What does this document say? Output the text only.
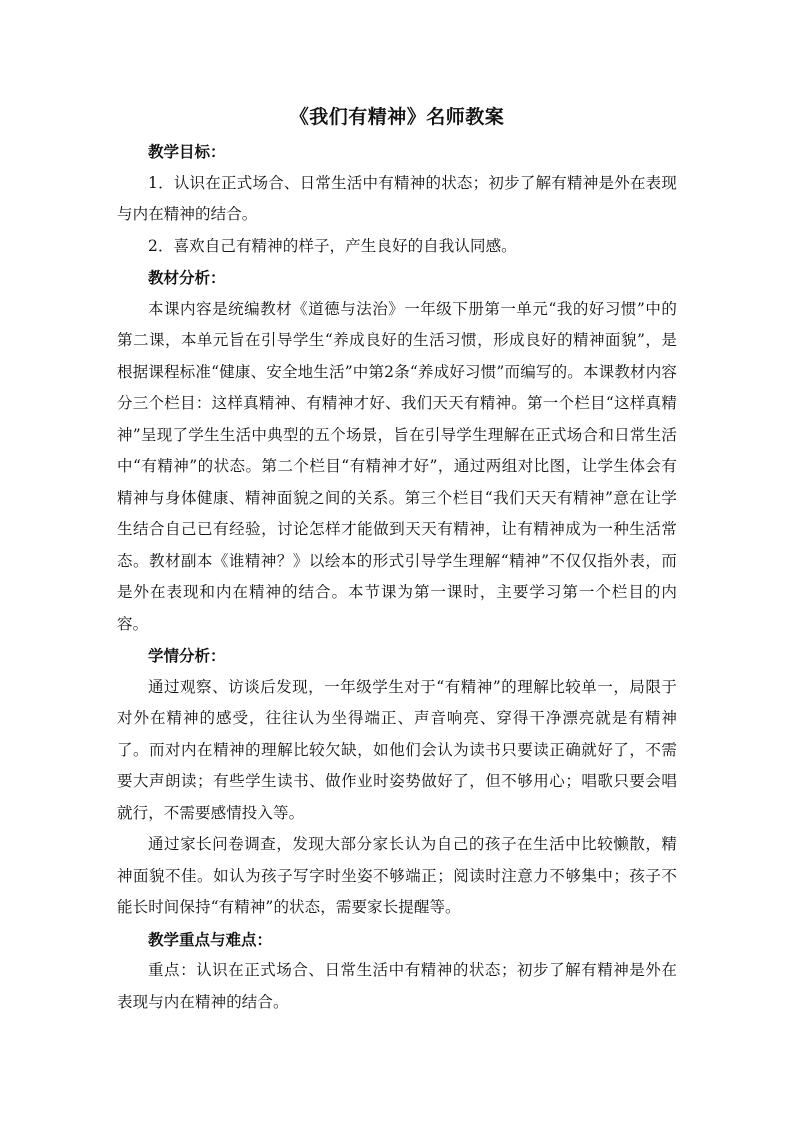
《我们有精神》名师教案

教学目标：

1．认识在正式场合、日常生活中有精神的状态；初步了解有精神是外在表现与内在精神的结合。

2．喜欢自己有精神的样子，产生良好的自我认同感。

教材分析：

本课内容是统编教材《道德与法治》一年级下册第一单元“我的好习惯”中的第二课，本单元旨在引导学生“养成良好的生活习惯，形成良好的精神面貌”，是根据课程标准“健康、安全地生活”中第2条“养成好习惯”而编写的。本课教材内容分三个栏目：这样真精神、有精神才好、我们天天有精神。第一个栏目“这样真精神”呈现了学生生活中典型的五个场景，旨在引导学生理解在正式场合和日常生活中“有精神”的状态。第二个栏目“有精神才好”，通过两组对比图，让学生体会有精神与身体健康、精神面貌之间的关系。第三个栏目“我们天天有精神”意在让学生结合自己已有经验，讨论怎样才能做到天天有精神，让有精神成为一种生活常态。教材副本《谁精神？》以绘本的形式引导学生理解“精神”不仅仅指外表，而是外在表现和内在精神的结合。本节课为第一课时，主要学习第一个栏目的内容。

学情分析：

通过观察、访谈后发现，一年级学生对于“有精神”的理解比较单一，局限于对外在精神的感受，往往认为坐得端正、声音响亮、穿得干净漂亮就是有精神了。而对内在精神的理解比较欠缺，如他们会认为读书只要读正确就好了，不需要大声朗读；有些学生读书、做作业时姿势做好了，但不够用心；唱歌只要会唱就行，不需要感情投入等。

通过家长问卷调查，发现大部分家长认为自己的孩子在生活中比较懒散，精神面貌不佳。如认为孩子写字时坐姿不够端正；阅读时注意力不够集中；孩子不能长时间保持“有精神”的状态，需要家长提醒等。

教学重点与难点：

重点：认识在正式场合、日常生活中有精神的状态；初步了解有精神是外在表现与内在精神的结合。
